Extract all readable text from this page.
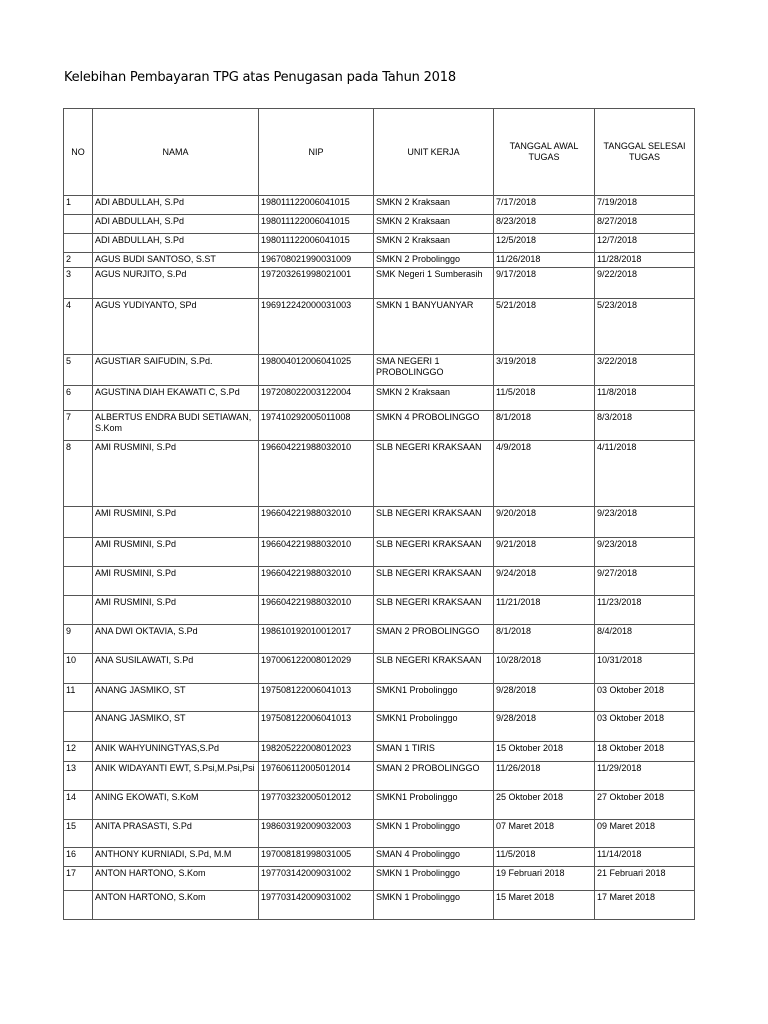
Kelebihan Pembayaran TPG atas Penugasan pada Tahun 2018
NO	NAMA	NIP	UNIT KERJA	TANGGAL AWAL TUGAS	TANGGAL SELESAI TUGAS
1	ADI ABDULLAH, S.Pd	198011122006041015	SMKN 2 Kraksaan	7/17/2018	7/19/2018
	ADI ABDULLAH, S.Pd	198011122006041015	SMKN 2 Kraksaan	8/23/2018	8/27/2018
	ADI ABDULLAH, S.Pd	198011122006041015	SMKN 2 Kraksaan	12/5/2018	12/7/2018
2	AGUS BUDI SANTOSO, S.ST	196708021990031009	SMKN 2 Probolinggo	11/26/2018	11/28/2018
3	AGUS NURJITO, S.Pd	197203261998021001	SMK Negeri 1 Sumberasih	9/17/2018	9/22/2018
4	AGUS YUDIYANTO, SPd	196912242000031003	SMKN 1 BANYUANYAR	5/21/2018	5/23/2018
5	AGUSTIAR SAIFUDIN, S.Pd.	198004012006041025	SMA NEGERI 1 PROBOLINGGO	3/19/2018	3/22/2018
6	AGUSTINA DIAH EKAWATI C, S.Pd	197208022003122004	SMKN 2 Kraksaan	11/5/2018	11/8/2018
7	ALBERTUS ENDRA BUDI SETIAWAN, S.Kom	197410292005011008	SMKN 4 PROBOLINGGO	8/1/2018	8/3/2018
8	AMI RUSMINI, S.Pd	196604221988032010	SLB NEGERI KRAKSAAN	4/9/2018	4/11/2018
	AMI RUSMINI, S.Pd	196604221988032010	SLB NEGERI KRAKSAAN	9/20/2018	9/23/2018
	AMI RUSMINI, S.Pd	196604221988032010	SLB NEGERI KRAKSAAN	9/21/2018	9/23/2018
	AMI RUSMINI, S.Pd	196604221988032010	SLB NEGERI KRAKSAAN	9/24/2018	9/27/2018
	AMI RUSMINI, S.Pd	196604221988032010	SLB NEGERI KRAKSAAN	11/21/2018	11/23/2018
9	ANA DWI OKTAVIA, S.Pd	198610192010012017	SMAN 2 PROBOLINGGO	8/1/2018	8/4/2018
10	ANA SUSILAWATI, S.Pd	197006122008012029	SLB NEGERI KRAKSAAN	10/28/2018	10/31/2018
11	ANANG JASMIKO, ST	197508122006041013	SMKN1 Probolinggo	9/28/2018	03 Oktober 2018
	ANANG JASMIKO, ST	197508122006041013	SMKN1 Probolinggo	9/28/2018	03 Oktober 2018
12	ANIK WAHYUNINGTYAS,S.Pd	198205222008012023	SMAN 1 TIRIS	15 Oktober 2018	18 Oktober 2018
13	ANIK WIDAYANTI EWT, S.Psi,M.Psi,Psi	197606112005012014	SMAN 2 PROBOLINGGO	11/26/2018	11/29/2018
14	ANING EKOWATI, S.KoM	197703232005012012	SMKN1 Probolinggo	25 Oktober 2018	27 Oktober 2018
15	ANITA PRASASTI, S.Pd	198603192009032003	SMKN 1 Probolinggo	07 Maret 2018	09 Maret 2018
16	ANTHONY KURNIADI, S.Pd, M.M	197008181998031005	SMAN 4 Probolinggo	11/5/2018	11/14/2018
17	ANTON HARTONO, S.Kom	197703142009031002	SMKN 1 Probolinggo	19 Februari 2018	21 Februari 2018
	ANTON HARTONO, S.Kom	197703142009031002	SMKN 1 Probolinggo	15 Maret 2018	17 Maret 2018
